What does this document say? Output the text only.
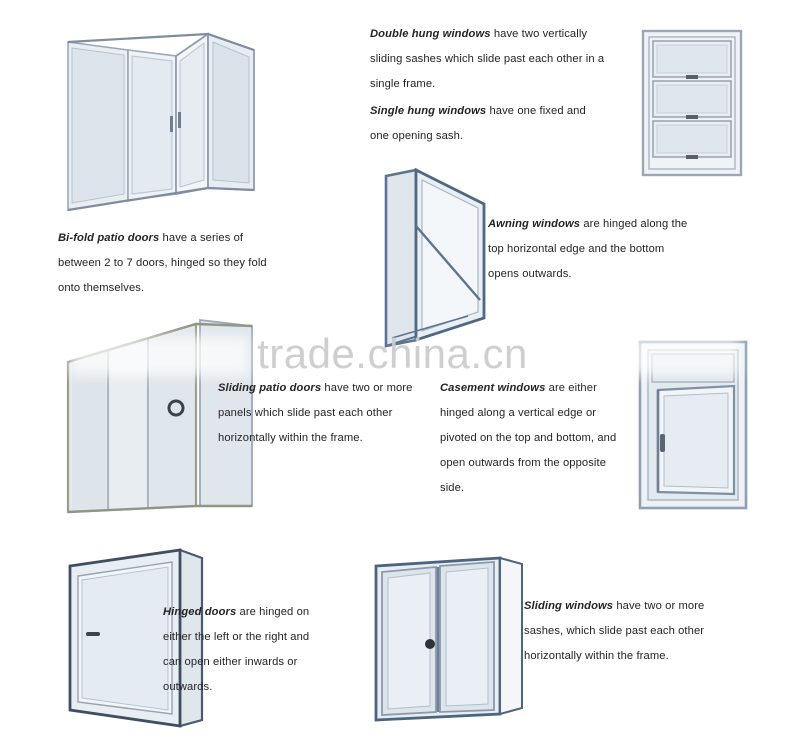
Double hung windows have two vertically sliding sashes which slide past each other in a single frame.
Single hung windows have one fixed and one opening sash.
Bi-fold patio doors have a series of between 2 to 7 doors, hinged so they fold onto themselves.
Awning windows are hinged along the top horizontal edge and the bottom opens outwards.
Sliding patio doors have two or more panels which slide past each other horizontally within the frame.
Casement windows are either hinged along a vertical edge or pivoted on the top and bottom, and open outwards from the opposite side.
Hinged doors are hinged on either the left or the right and can open either inwards or outwards.
Sliding windows have two or more sashes, which slide past each other horizontally within the frame.
trade.china.cn
